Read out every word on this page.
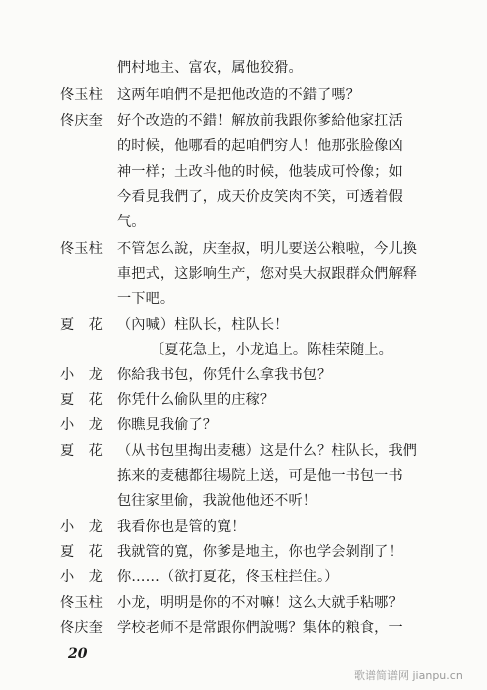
們村地主、富农，属他狡猾。
佟玉柱 这两年咱們不是把他改造的不錯了嗎？
佟庆奎 好个改造的不錯！解放前我跟你爹給他家扛活
的时候，他哪看的起咱們穷人！他那张脸像凶
神一样；土改斗他的时候，他装成可怜像；如
今看見我們了，成天价皮笑肉不笑，可透着假
气。
佟玉柱 不管怎么說，庆奎叔，明儿要送公粮啦，今儿換
車把式，这影响生产，您对吳大叔跟群众們解释
一下吧。
夏　花 （內喊）柱队长，柱队长！
〔夏花急上，小龙追上。陈桂荣随上。
小　龙 你給我书包，你凭什么拿我书包？
夏　花 你凭什么偷队里的庄稼？
小　龙 你瞧見我偷了？
夏　花 （从书包里掏出麦穗）这是什么？柱队长，我們
拣来的麦穗都往場院上送，可是他一书包一书
包往家里偷，我說他他还不听！
小　龙 我看你也是管的寬！
夏　花 我就管的寬，你爹是地主，你也学会剝削了！
小　龙 你……（欲打夏花，佟玉柱拦住。）
佟玉柱 小龙，明明是你的不对嘛！这么大就手粘哪？
佟庆奎 学校老师不是常跟你們說嗎？集体的粮食，一
20
歌谱简谱网 jianpu.cn
